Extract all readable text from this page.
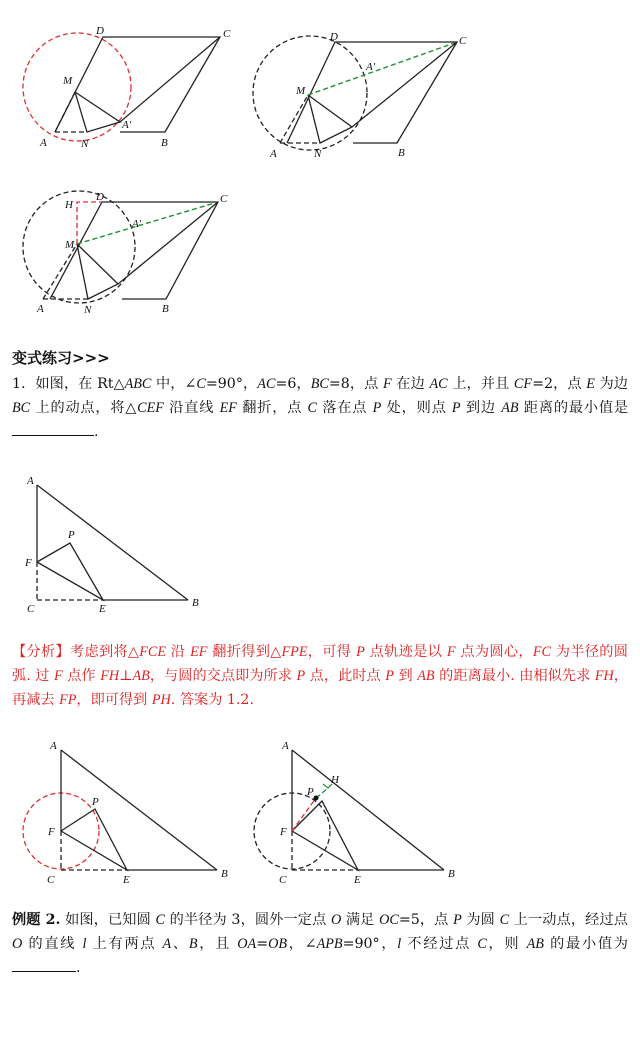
D	C
M
A'
A	N	B
D	C
M
A'
A	N	B
D	C
H
M
A'
A	N	B
变式练习>>>
1．如图，在 Rt△ABC 中，∠C=90°，AC=6，BC=8，点 F 在边 AC 上，并且 CF=2，点 E 为边 BC 上的动点，将△CEF 沿直线 EF 翻折，点 C 落在点 P 处，则点 P 到边 AB 距离的最小值是.
A
P
F
C	E	B
【分析】考虑到将△FCE 沿 EF 翻折得到△FPE，可得 P 点轨迹是以 F 点为圆心，FC 为半径的圆弧. 过 F 点作 FH⊥AB，与圆的交点即为所求 P 点，此时点 P 到 AB 的距离最小. 由相似先求 FH，再减去 FP，即可得到 PH. 答案为 1.2.
A
P
F
C	E	B
A
H
P
F
C	E	B
例题 2. 如图，已知圆 C 的半径为 3，圆外一定点 O 满足 OC=5，点 P 为圆 C 上一动点，经过点 O 的直线 l 上有两点 A、B，且 OA=OB，∠APB=90°，l 不经过点 C，则 AB 的最小值为.
